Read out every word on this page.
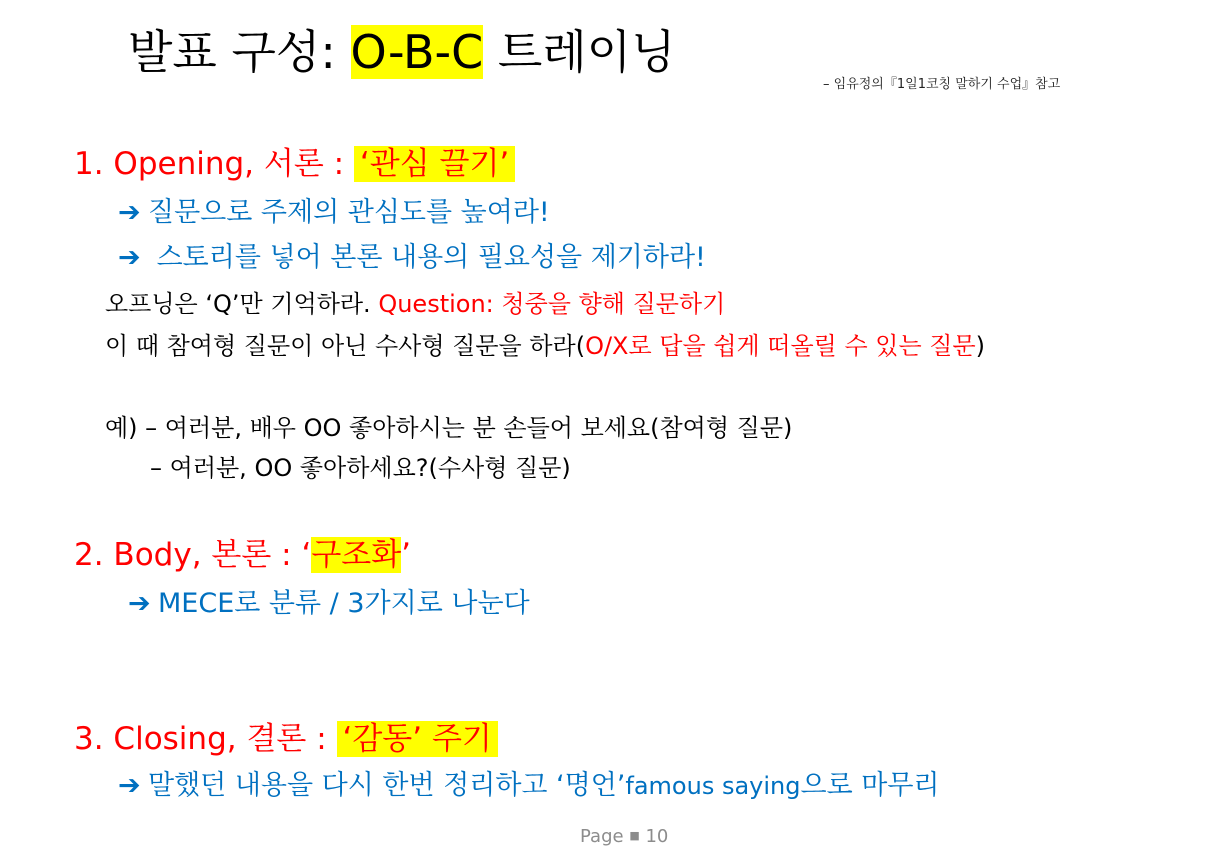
발표 구성: O-B-C 트레이닝
– 임유정의『1일1코칭 말하기 수업』참고
1. Opening, 서론 : ‘관심 끌기’
➔ 질문으로 주제의 관심도를 높여라!
➔ 스토리를 넣어 본론 내용의 필요성을 제기하라!
오프닝은 ‘Q’만 기억하라. Question: 청중을 향해 질문하기
이 때 참여형 질문이 아닌 수사형 질문을 하라(O/X로 답을 쉽게 떠올릴 수 있는 질문)
예) – 여러분, 배우 OO 좋아하시는 분 손들어 보세요(참여형 질문)
– 여러분, OO 좋아하세요?(수사형 질문)
2. Body, 본론 : ‘구조화’
➔ MECE로 분류 / 3가지로 나눈다
3. Closing, 결론 : ‘감동’ 주기
➔ 말했던 내용을 다시 한번 정리하고 ‘명언’famous saying으로 마무리
Page ■ 10
